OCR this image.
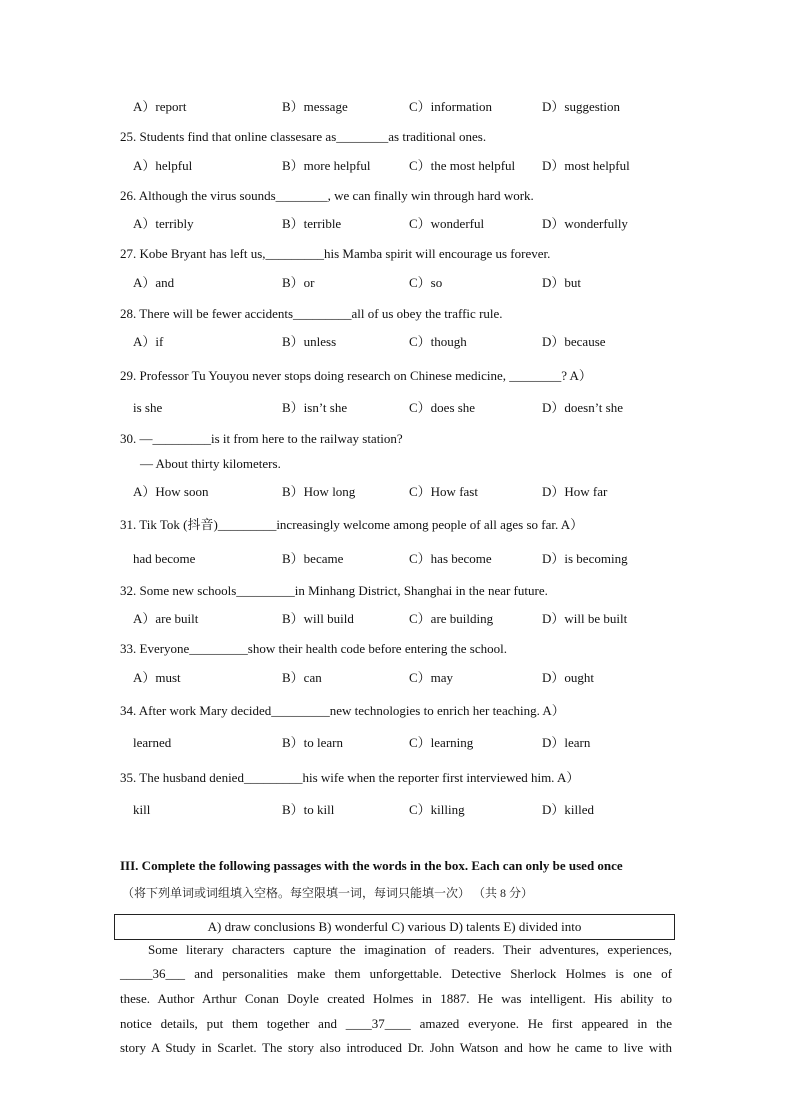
A）report	B）message	C）information	D）suggestion
25. Students find that online classesare as________as traditional ones.
A）helpful	B）more helpful	C）the most helpful D）most helpful
26. Although the virus sounds________, we can finally win through hard work.
A）terribly	B）terrible	C）wonderful	D）wonderfully
27. Kobe Bryant has left us,_________his Mamba spirit will encourage us forever.
A）and	B）or	C）so	D）but
28. There will be fewer accidents_________all of us obey the traffic rule.
A）if	B）unless	C）though	D）because
29. Professor Tu Youyou never stops doing research on Chinese medicine, ________? A）
is she	B）isn’t she	C）does she	D）doesn’t she
30. —_________is it from here to the railway station?
— About thirty kilometers.
A）How soon	B）How long	C）How fast	D）How far
31. Tik Tok (抖音)_________increasingly welcome among people of all ages so far. A）
had become	B）became	C）has become	D）is becoming
32. Some new schools_________in Minhang District, Shanghai in the near future.
A）are built	B）will build	C）are building	D）will be built
33. Everyone_________show their health code before entering the school.
A）must	B）can	C）may	D）ought
34. After work Mary decided_________new technologies to enrich her teaching. A）
learned	B）to learn	C）learning	D）learn
35. The husband denied_________his wife when the reporter first interviewed him. A）
kill	B）to kill	C）killing	D）killed
III. Complete the following passages with the words in the box. Each can only be used once
（将下列单词或词组填入空格。每空限填一词，每词只能填一次） （共 8 分）
A) draw conclusions B) wonderful C) various D) talents E) divided into
Some literary characters capture the imagination of readers. Their adventures, experiences,
_____36___ and personalities make them unforgettable. Detective Sherlock Holmes is one of
these. Author Arthur Conan Doyle created Holmes in 1887. He was intelligent. His ability to
notice details, put them together and ____37____ amazed everyone. He first appeared in the
story A Study in Scarlet. The story also introduced Dr. John Watson and how he came to live with
